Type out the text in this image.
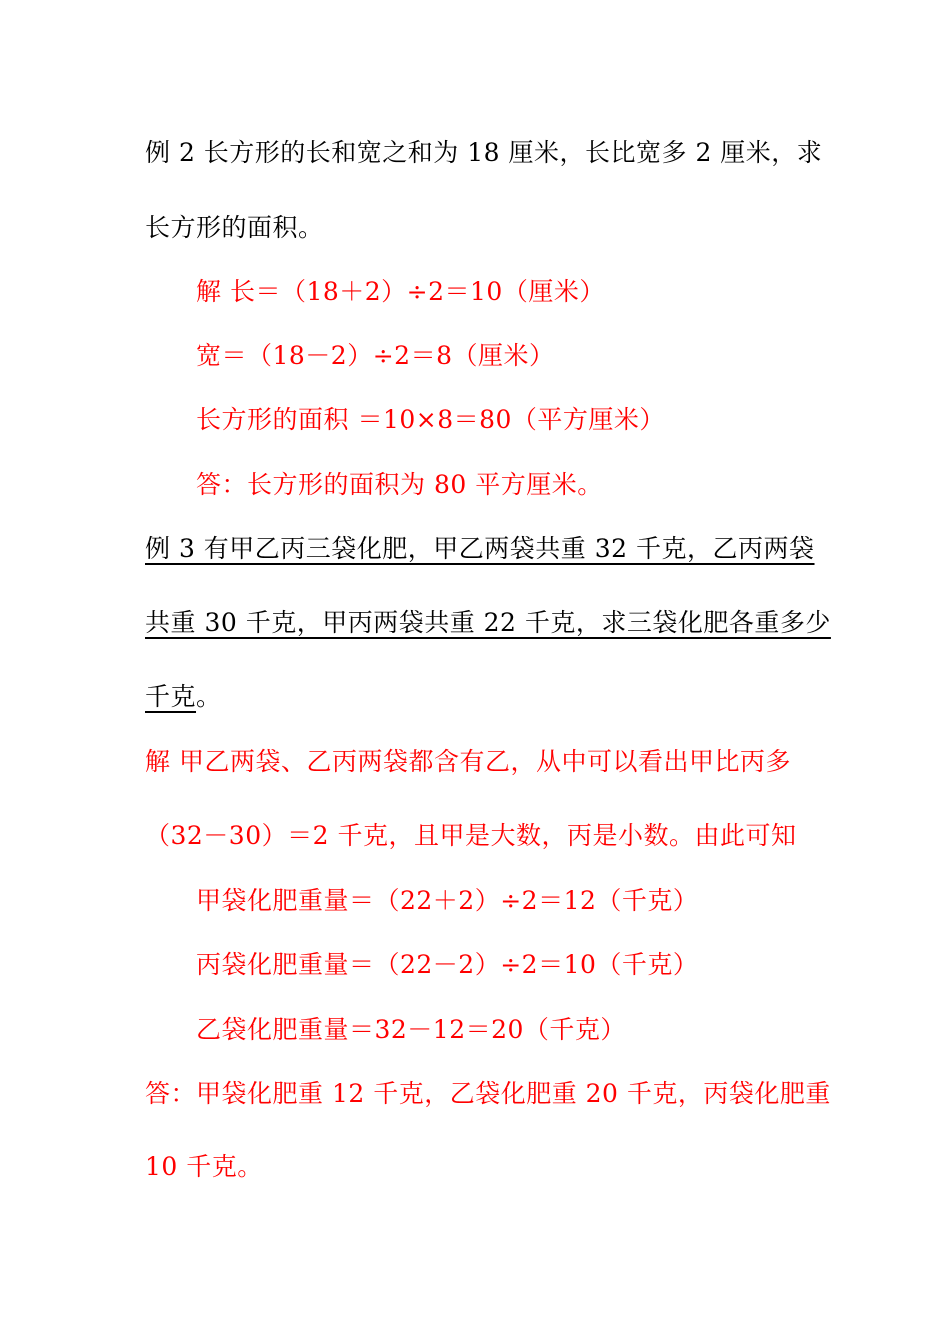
例 2 长方形的长和宽之和为 18 厘米，长比宽多 2 厘米，求
长方形的面积。
解 长＝（18＋2）÷2＝10（厘米）
宽＝（18－2）÷2＝8（厘米）
长方形的面积 ＝10×8＝80（平方厘米）
答：长方形的面积为 80 平方厘米。
例 3 有甲乙丙三袋化肥，甲乙两袋共重 32 千克，乙丙两袋
共重 30 千克，甲丙两袋共重 22 千克，求三袋化肥各重多少
千克。
解 甲乙两袋、乙丙两袋都含有乙，从中可以看出甲比丙多
（32－30）＝2 千克，且甲是大数，丙是小数。由此可知
甲袋化肥重量＝（22＋2）÷2＝12（千克）
丙袋化肥重量＝（22－2）÷2＝10（千克）
乙袋化肥重量＝32－12＝20（千克）
答：甲袋化肥重 12 千克，乙袋化肥重 20 千克，丙袋化肥重
10 千克。
